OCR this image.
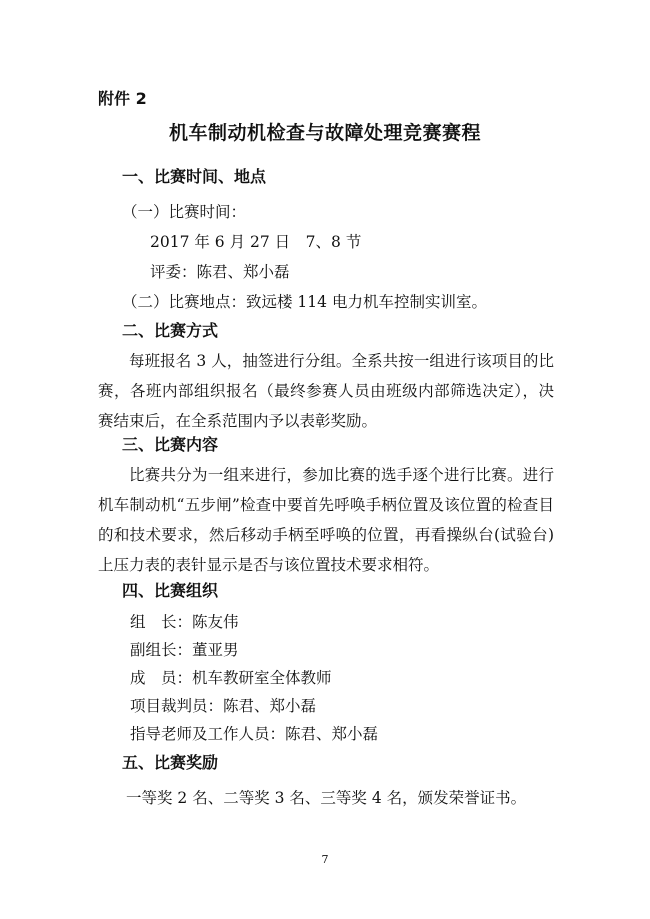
附件 2
机车制动机检查与故障处理竞赛赛程
一、比赛时间、地点
（一）比赛时间：
2017 年 6 月 27 日　7、8 节
评委：陈君、郑小磊
（二）比赛地点：致远楼 114 电力机车控制实训室。
二、比赛方式
每班报名 3 人，抽签进行分组。全系共按一组进行该项目的比赛，各班内部组织报名（最终参赛人员由班级内部筛选决定），决赛结束后，在全系范围内予以表彰奖励。
三、比赛内容
比赛共分为一组来进行，参加比赛的选手逐个进行比赛。进行机车制动机“五步闸”检查中要首先呼唤手柄位置及该位置的检查目的和技术要求，然后移动手柄至呼唤的位置，再看操纵台(试验台)上压力表的表针显示是否与该位置技术要求相符。
四、比赛组织
组　长：陈友伟
副组长：董亚男
成　员：机车教研室全体教师
项目裁判员：陈君、郑小磊
指导老师及工作人员：陈君、郑小磊
五、比赛奖励
一等奖 2 名、二等奖 3 名、三等奖 4 名，颁发荣誉证书。
7
